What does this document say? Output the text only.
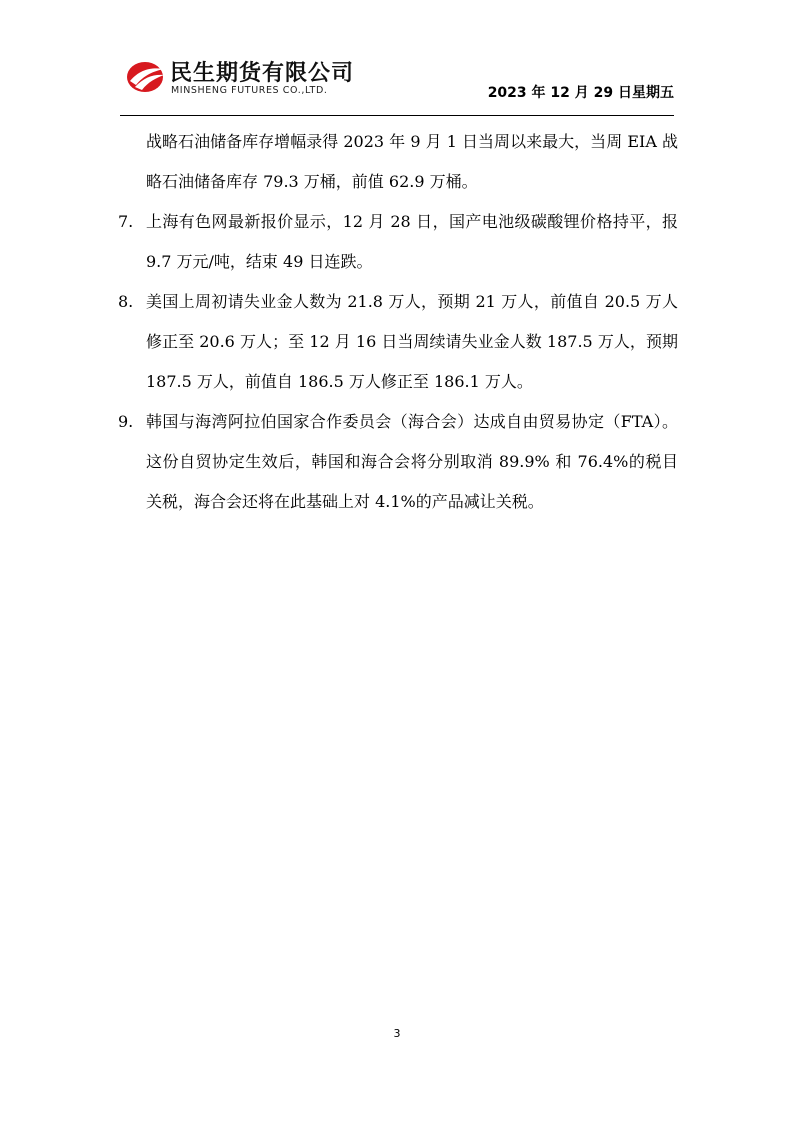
民生期货有限公司
MINSHENG FUTURES CO.,LTD.	2023 年 12 月 29 日星期五

战略石油储备库存增幅录得 2023 年 9 月 1 日当周以来最大，当周 EIA 战略石油储备库存 79.3 万桶，前值 62.9 万桶。

7. 上海有色网最新报价显示，12 月 28 日，国产电池级碳酸锂价格持平，报 9.7 万元/吨，结束 49 日连跌。

8. 美国上周初请失业金人数为 21.8 万人，预期 21 万人，前值自 20.5 万人修正至 20.6 万人；至 12 月 16 日当周续请失业金人数 187.5 万人，预期 187.5 万人，前值自 186.5 万人修正至 186.1 万人。

9. 韩国与海湾阿拉伯国家合作委员会（海合会）达成自由贸易协定（FTA）。这份自贸协定生效后，韩国和海合会将分别取消 89.9% 和 76.4%的税目关税，海合会还将在此基础上对 4.1%的产品减让关税。

3
